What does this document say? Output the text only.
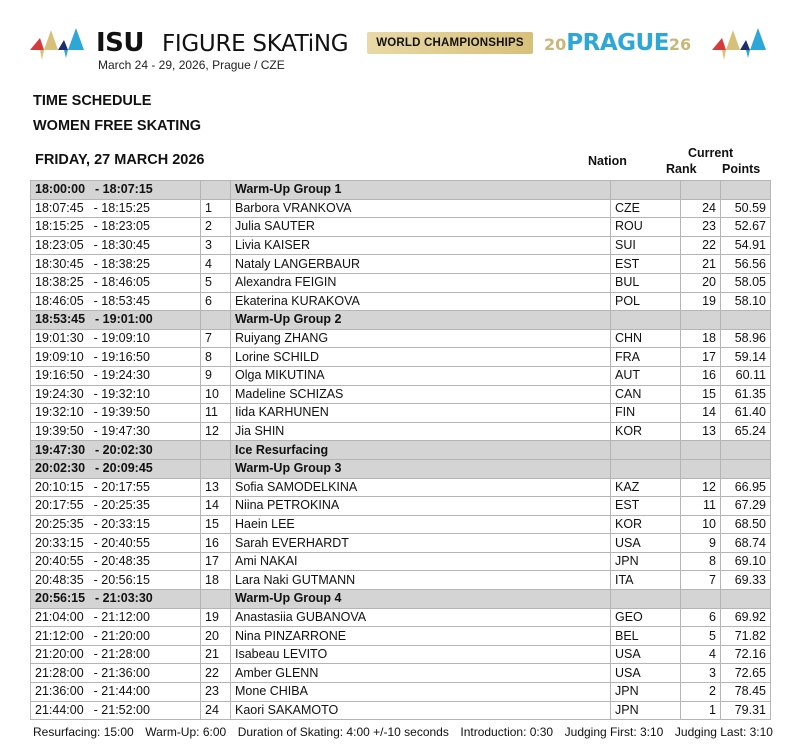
ISU FIGURE SKATiNG
March 24 - 29, 2026, Prague / CZE
WORLD CHAMPIONSHIPS	20PRAGUE26
TIME SCHEDULE
WOMEN FREE SKATING
FRIDAY, 27 MARCH 2026	Nation
Current
Rank Points
18:00:00 - 18:07:15		Warm-Up Group 1			
18:07:45 - 18:15:25	1	Barbora VRANKOVA	CZE	24	50.59
18:15:25 - 18:23:05	2	Julia SAUTER	ROU	23	52.67
18:23:05 - 18:30:45	3	Livia KAISER	SUI	22	54.91
18:30:45 - 18:38:25	4	Nataly LANGERBAUR	EST	21	56.56
18:38:25 - 18:46:05	5	Alexandra FEIGIN	BUL	20	58.05
18:46:05 - 18:53:45	6	Ekaterina KURAKOVA	POL	19	58.10
18:53:45 - 19:01:00		Warm-Up Group 2			
19:01:30 - 19:09:10	7	Ruiyang ZHANG	CHN	18	58.96
19:09:10 - 19:16:50	8	Lorine SCHILD	FRA	17	59.14
19:16:50 - 19:24:30	9	Olga MIKUTINA	AUT	16	60.11
19:24:30 - 19:32:10	10	Madeline SCHIZAS	CAN	15	61.35
19:32:10 - 19:39:50	11	Iida KARHUNEN	FIN	14	61.40
19:39:50 - 19:47:30	12	Jia SHIN	KOR	13	65.24
19:47:30 - 20:02:30		Ice Resurfacing			
20:02:30 - 20:09:45		Warm-Up Group 3			
20:10:15 - 20:17:55	13	Sofia SAMODELKINA	KAZ	12	66.95
20:17:55 - 20:25:35	14	Niina PETROKINA	EST	11	67.29
20:25:35 - 20:33:15	15	Haein LEE	KOR	10	68.50
20:33:15 - 20:40:55	16	Sarah EVERHARDT	USA	9	68.74
20:40:55 - 20:48:35	17	Ami NAKAI	JPN	8	69.10
20:48:35 - 20:56:15	18	Lara Naki GUTMANN	ITA	7	69.33
20:56:15 - 21:03:30		Warm-Up Group 4			
21:04:00 - 21:12:00	19	Anastasiia GUBANOVA	GEO	6	69.92
21:12:00 - 21:20:00	20	Nina PINZARRONE	BEL	5	71.82
21:20:00 - 21:28:00	21	Isabeau LEVITO	USA	4	72.16
21:28:00 - 21:36:00	22	Amber GLENN	USA	3	72.65
21:36:00 - 21:44:00	23	Mone CHIBA	JPN	2	78.45
21:44:00 - 21:52:00	24	Kaori SAKAMOTO	JPN	1	79.31
Resurfacing: 15:00 Warm-Up: 6:00 Duration of Skating: 4:00 +/-10 seconds Introduction: 0:30 Judging First: 3:10 Judging Last: 3:10
